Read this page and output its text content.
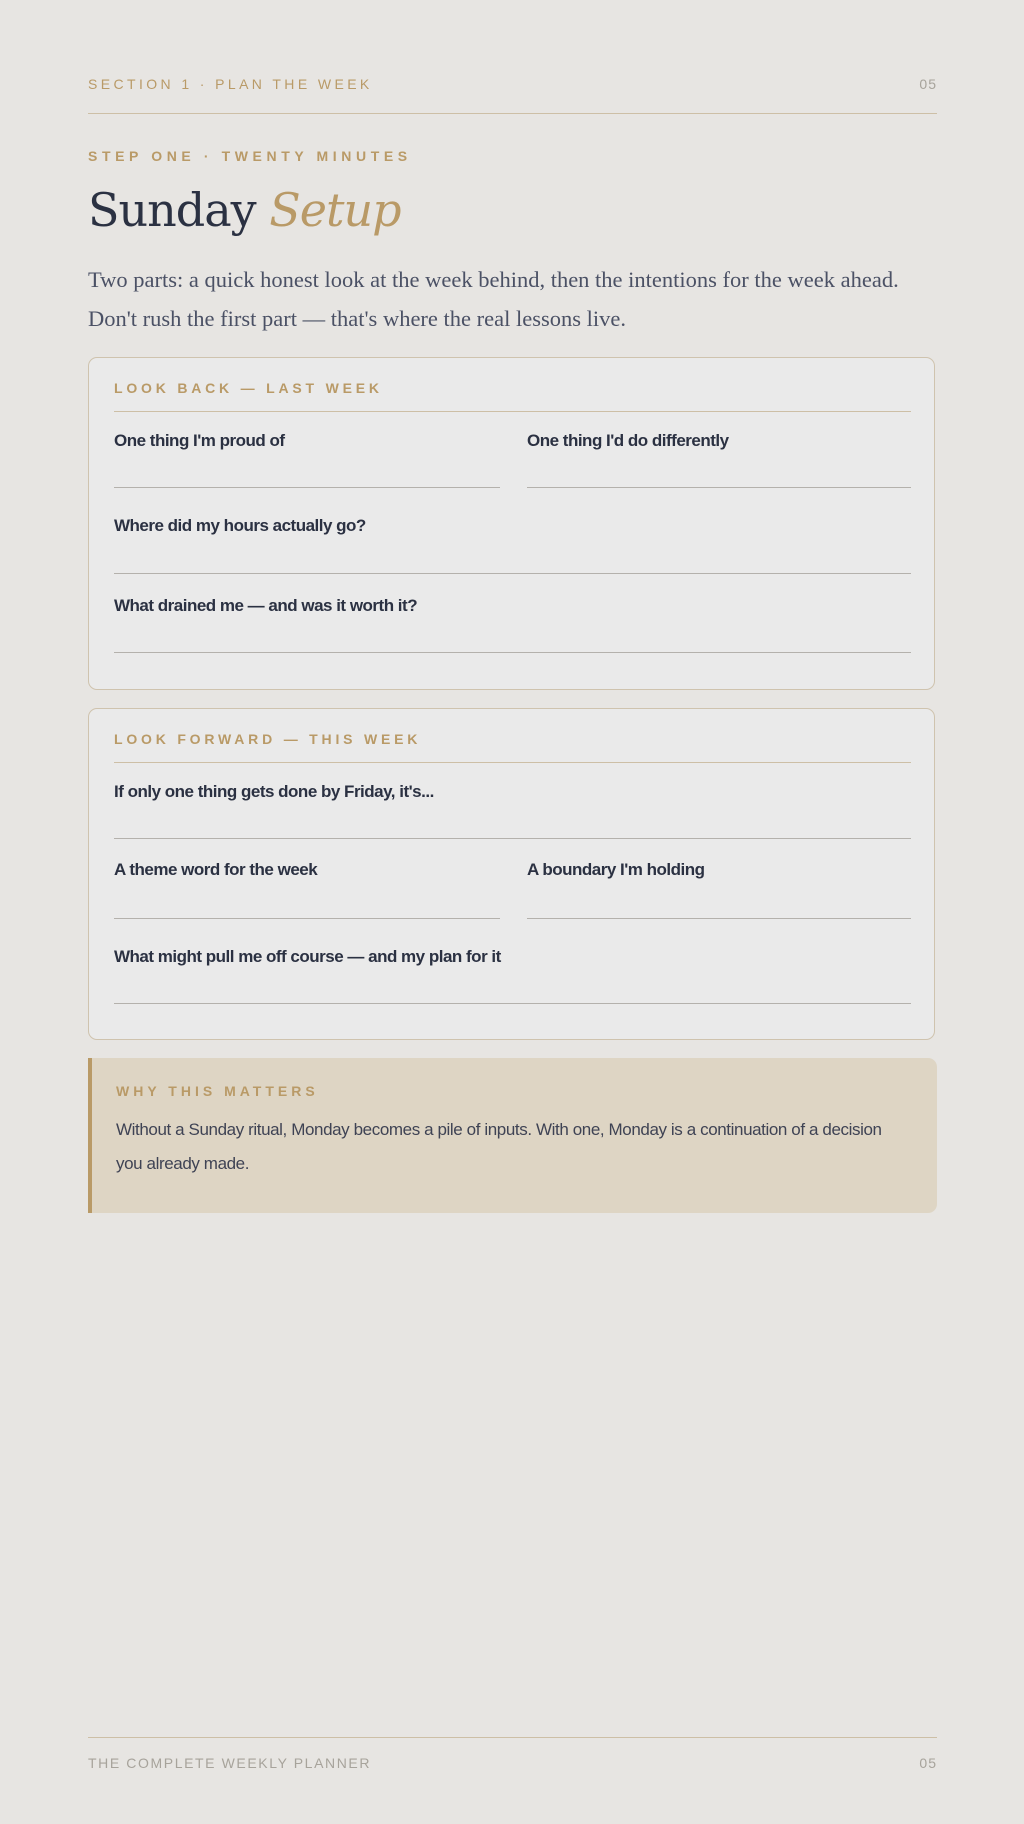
SECTION 1 · PLAN THE WEEK	05
STEP ONE · TWENTY MINUTES
Sunday Setup

Two parts: a quick honest look at the week behind, then the intentions for the week ahead. Don't rush the first part — that's where the real lessons live.

LOOK BACK — LAST WEEK
One thing I'm proud of	One thing I'd do differently
Where did my hours actually go?
What drained me — and was it worth it?
LOOK FORWARD — THIS WEEK
If only one thing gets done by Friday, it's...
A theme word for the week	A boundary I'm holding
What might pull me off course — and my plan for it
WHY THIS MATTERS

Without a Sunday ritual, Monday becomes a pile of inputs. With one, Monday is a continuation of a decision you already made.

THE COMPLETE WEEKLY PLANNER	05
